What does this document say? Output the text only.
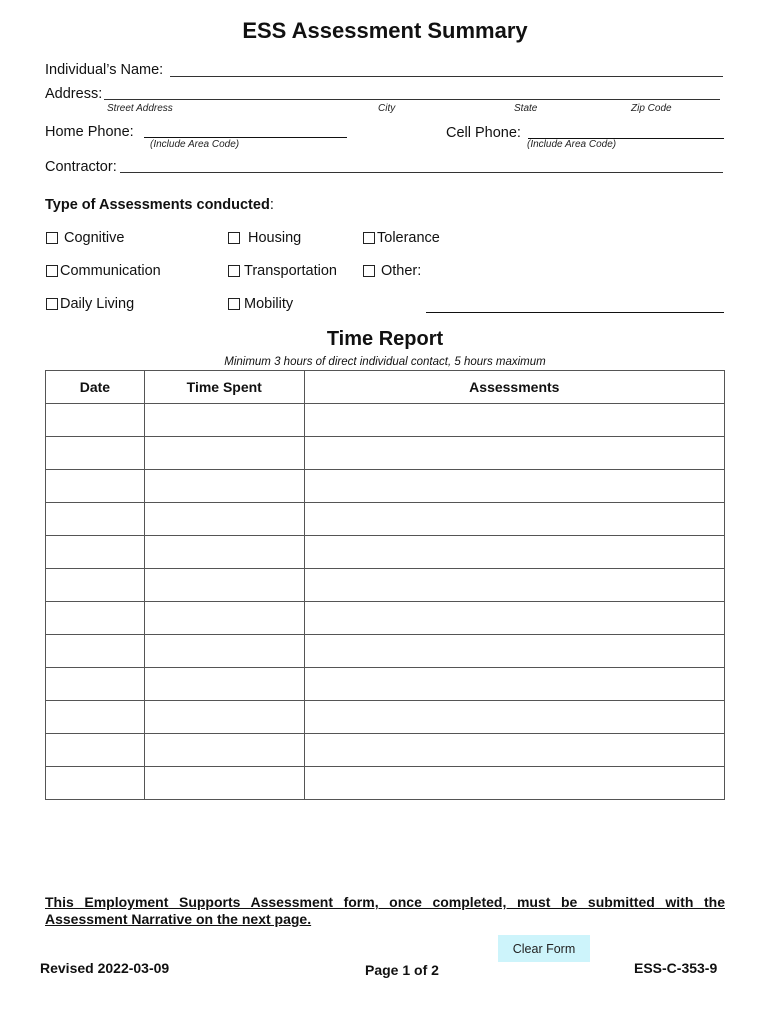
ESS Assessment Summary
Individual’s Name:
Address:
Street Address	City	State	Zip Code
Home Phone:
(Include Area Code)
Cell Phone:
(Include Area Code)
Contractor:
Type of Assessments conducted:
Cognitive	Housing	Tolerance
Communication	Transportation	Other:
Daily Living	Mobility
Time Report
Minimum 3 hours of direct individual contact, 5 hours maximum
Date	Time Spent	Assessments

This Employment Supports Assessment form, once completed, must be submitted with the Assessment Narrative on the next page.
Clear Form
Revised 2022-03-09	Page 1 of 2	ESS-C-353-9
